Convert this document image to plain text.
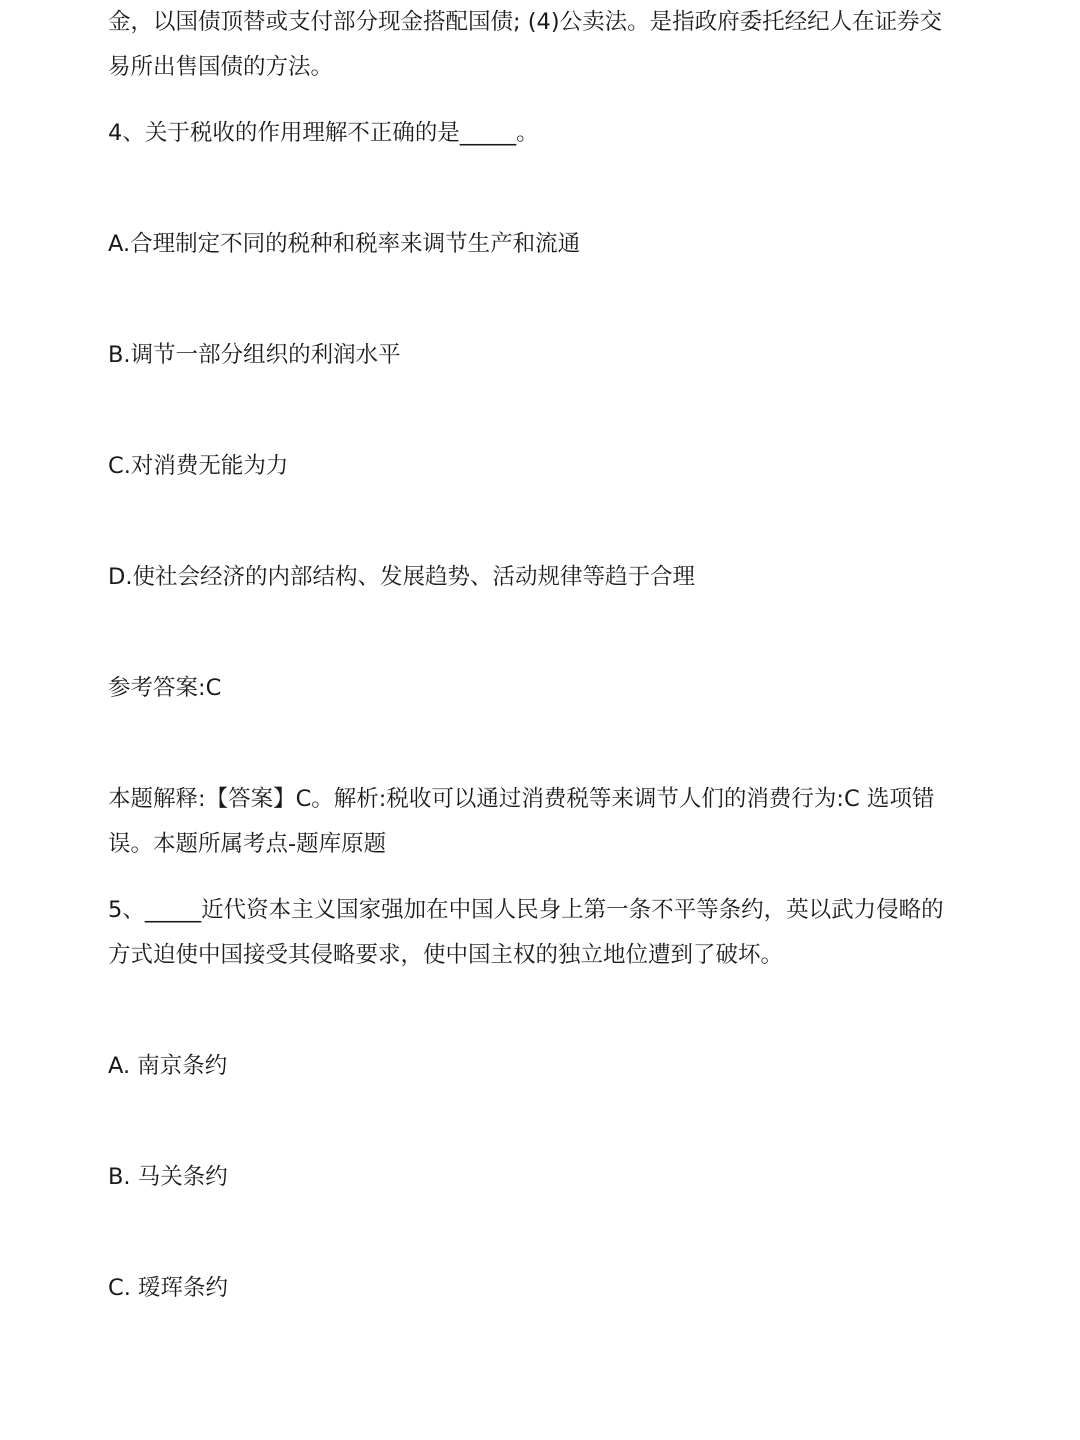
金，以国债顶替或支付部分现金搭配国债; (4)公卖法。是指政府委托经纪人在证券交
易所出售国债的方法。
4、关于税收的作用理解不正确的是_____。
A.合理制定不同的税种和税率来调节生产和流通
B.调节一部分组织的利润水平
C.对消费无能为力
D.使社会经济的内部结构、发展趋势、活动规律等趋于合理
参考答案:C
本题解释:【答案】C。解析:税收可以通过消费税等来调节人们的消费行为:C 选项错
误。本题所属考点-题库原题
5、_____近代资本主义国家强加在中国人民身上第一条不平等条约，英以武力侵略的
方式迫使中国接受其侵略要求，使中国主权的独立地位遭到了破坏。
A. 南京条约
B. 马关条约
C. 瑷珲条约
